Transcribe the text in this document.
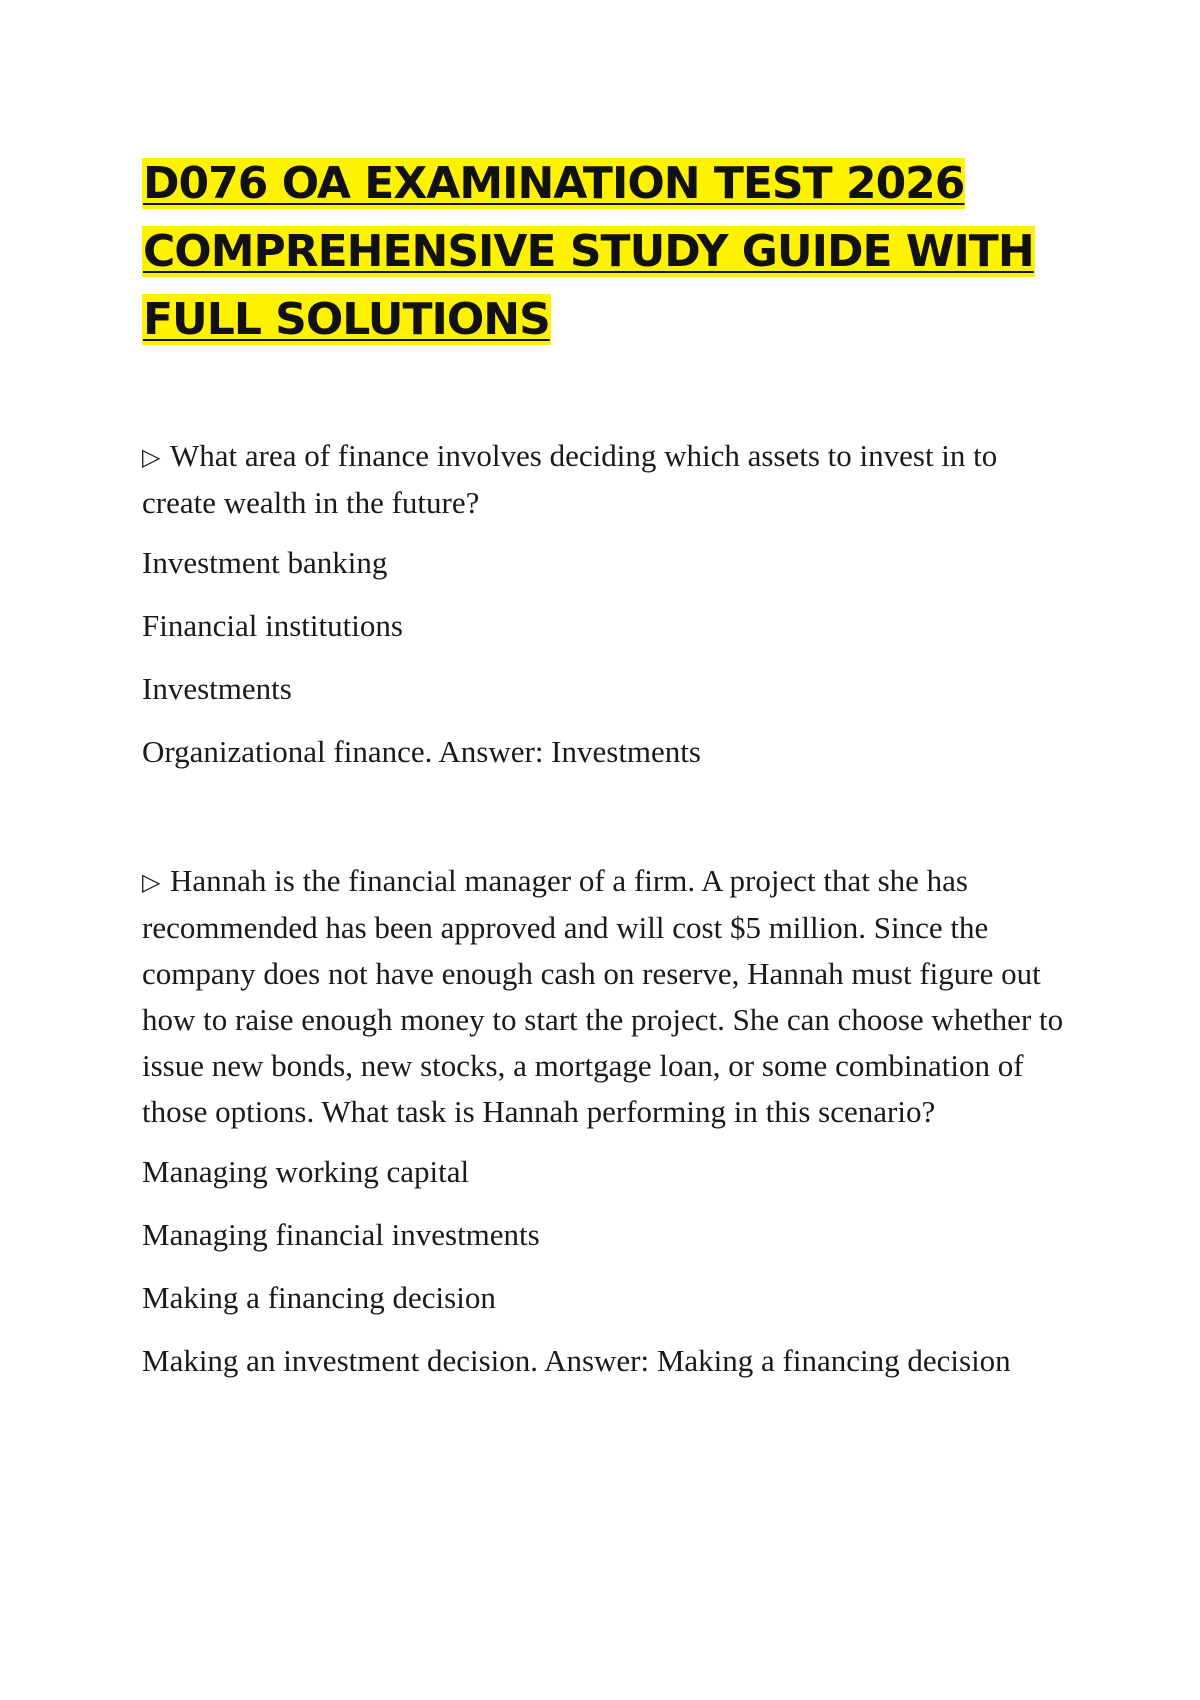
D076 OA EXAMINATION TEST 2026
COMPREHENSIVE STUDY GUIDE WITH
FULL SOLUTIONS

▷ What area of finance involves deciding which assets to invest in to create wealth in the future?

Investment banking

Financial institutions

Investments

Organizational finance. Answer: Investments

▷ Hannah is the financial manager of a firm. A project that she has recommended has been approved and will cost $5 million. Since the company does not have enough cash on reserve, Hannah must figure out how to raise enough money to start the project. She can choose whether to issue new bonds, new stocks, a mortgage loan, or some combination of those options. What task is Hannah performing in this scenario?

Managing working capital

Managing financial investments

Making a financing decision

Making an investment decision. Answer: Making a financing decision
